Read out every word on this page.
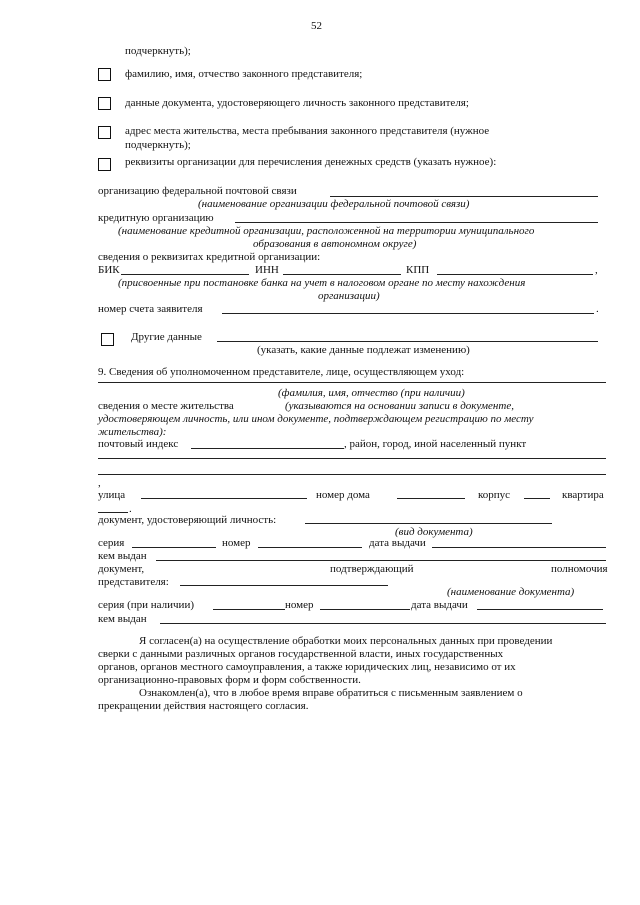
52
подчеркнуть);
фамилию, имя, отчество законного представителя;
данные документа, удостоверяющего личность законного представителя;
адрес места жительства, места пребывания законного представителя (нужное
подчеркнуть);
реквизиты организации для перечисления денежных средств (указать нужное):
организацию федеральной почтовой связи
(наименование организации федеральной почтовой связи)
кредитную организацию
(наименование кредитной организации, расположенной на территории муниципального
образования в автономном округе)
сведения о реквизитах кредитной организации:
БИК	ИНН	КПП	,
(присвоенные при постановке банка на учет в налоговом органе по месту нахождения
организации)
номер счета заявителя	.
Другие данные
(указать, какие данные подлежат изменению)
9. Сведения об уполномоченном представителе, лице, осуществляющем уход:
(фамилия, имя, отчество (при наличии)
сведения о месте жительства	(указываются на основании записи в документе,
удостоверяющем личность, или ином документе, подтверждающем регистрацию по месту
жительства):
почтовый индекс	, район, город, иной населенный пункт
,
улица	номер дома	корпус	квартира
.
документ, удостоверяющий личность:
(вид документа)
серия	номер	дата выдачи
кем выдан
документ,	подтверждающий	полномочия
представителя:
(наименование документа)
серия (при наличии)	номер	дата выдачи
кем выдан
Я согласен(а) на осуществление обработки моих персональных данных при проведении
сверки с данными различных органов государственной власти, иных государственных
органов, органов местного самоуправления, а также юридических лиц, независимо от их
организационно-правовых форм и форм собственности.
Ознакомлен(а), что в любое время вправе обратиться с письменным заявлением о
прекращении действия настоящего согласия.
